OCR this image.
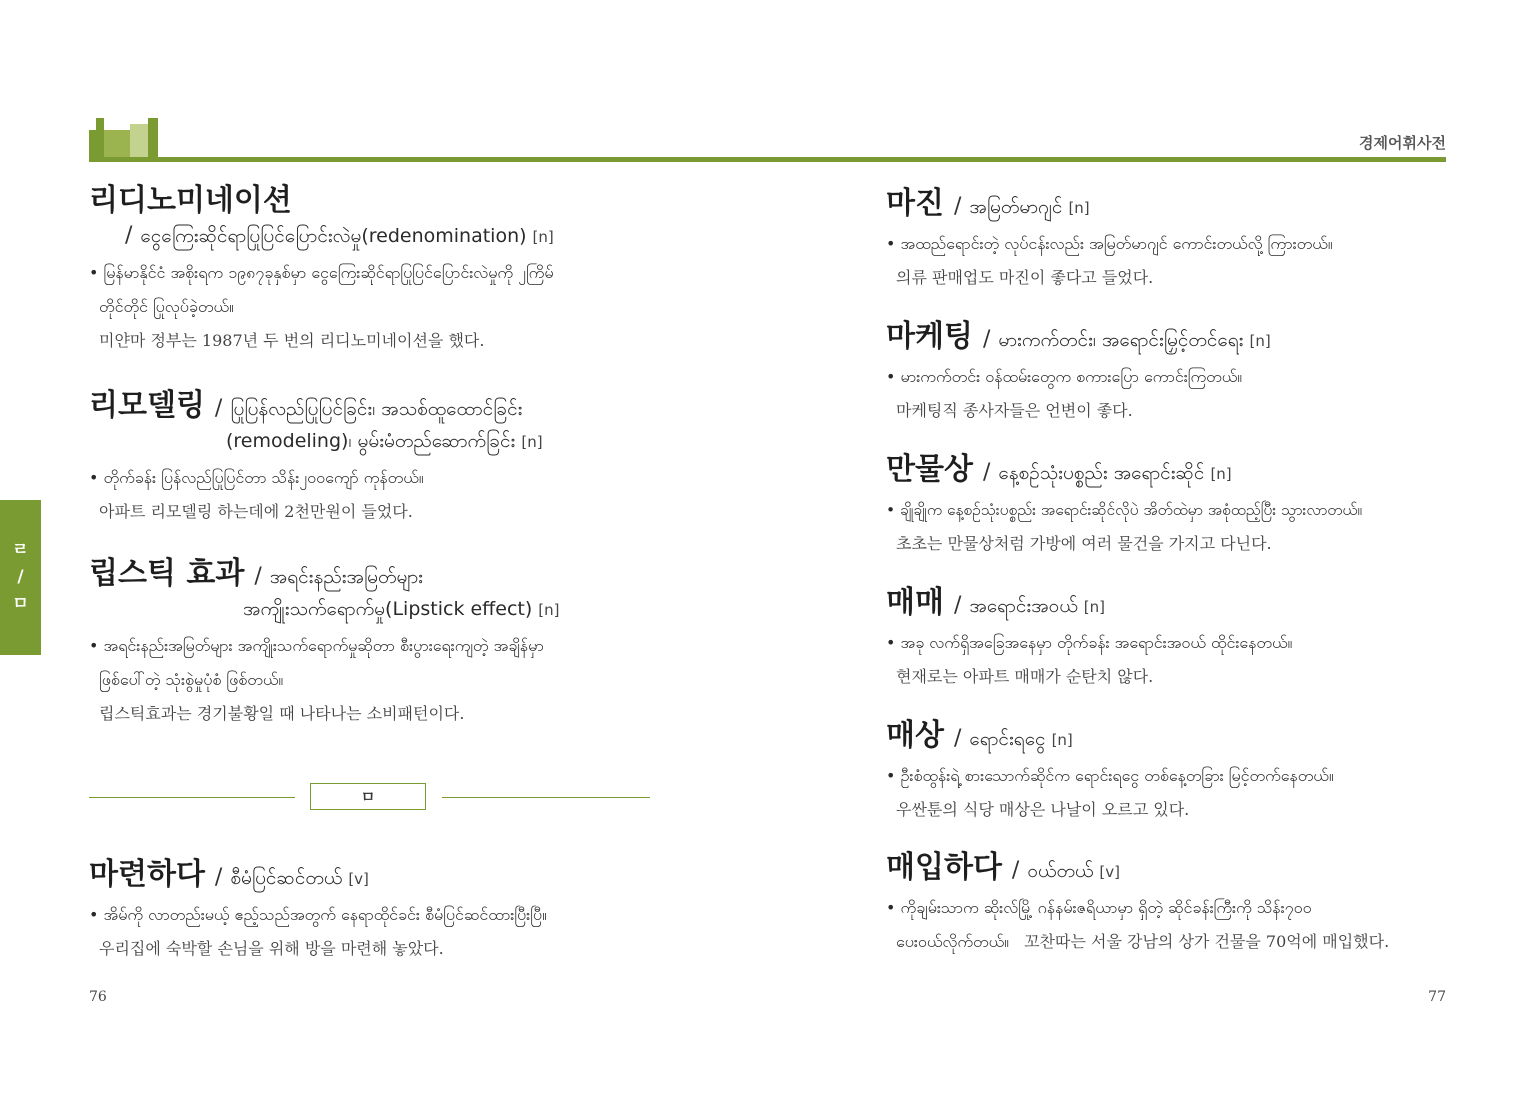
경제어휘사전
ㄹ
/
ㅁ
리디노미네이션
/ ငွေကြေးဆိုင်ရာပြုပြင်ပြောင်းလဲမှု(redenomination) [n]
• မြန်မာနိုင်ငံ အစိုးရက ၁၉၈၇ခုနှစ်မှာ ငွေကြေးဆိုင်ရာပြုပြင်ပြောင်းလဲမှုကို ၂ကြိမ်
တိုင်တိုင် ပြုလုပ်ခဲ့တယ်။
미얀마 정부는 1987년 두 번의 리디노미네이션을 했다.
리모델링 / ပြုပြန်လည်ပြုပြင်ခြင်း၊ အသစ်ထူထောင်ခြင်း
(remodeling)၊ မွမ်းမံတည်ဆောက်ခြင်း [n]
• တိုက်ခန်း ပြန်လည်ပြုပြင်တာ သိန်း၂၀၀ကျော် ကုန်တယ်။
아파트 리모델링 하는데에 2천만원이 들었다.
립스틱 효과 / အရင်းနည်းအမြတ်များ
အကျိုးသက်ရောက်မှု(Lipstick effect) [n]
• အရင်းနည်းအမြတ်များ အကျိုးသက်ရောက်မှုဆိုတာ စီးပွားရေးကျတဲ့ အချိန်မှာ
ဖြစ်ပေါ်တဲ့ သုံးစွဲမှုပုံစံ ဖြစ်တယ်။
립스틱효과는 경기불황일 때 나타나는 소비패턴이다.
ㅁ
마련하다 / စီမံပြင်ဆင်တယ် [v]
• အိမ်ကို လာတည်းမယ့် ဧည့်သည်အတွက် နေရာထိုင်ခင်း စီမံပြင်ဆင်ထားပြီးပြီ။
우리집에 숙박할 손님을 위해 방을 마련해 놓았다.
76
마진 / အမြတ်မာဂျင် [n]
• အထည်ရောင်းတဲ့ လုပ်ငန်းလည်း အမြတ်မာဂျင် ကောင်းတယ်လို့ ကြားတယ်။
의류 판매업도 마진이 좋다고 들었다.
마케팅 / မားကက်တင်း၊ အရောင်းမြှင့်တင်ရေး [n]
• မားကက်တင်း ဝန်ထမ်းတွေက စကားပြော ကောင်းကြတယ်။
마케팅직 종사자들은 언변이 좋다.
만물상 / နေ့စဉ်သုံးပစ္စည်း အရောင်းဆိုင် [n]
• ချိုချိုက နေ့စဉ်သုံးပစ္စည်း အရောင်းဆိုင်လိုပဲ အိတ်ထဲမှာ အစုံထည့်ပြီး သွားလာတယ်။
초초는 만물상처럼 가방에 여러 물건을 가지고 다닌다.
매매 / အရောင်းအဝယ် [n]
• အခု လက်ရှိအခြေအနေမှာ တိုက်ခန်း အရောင်းအဝယ် ထိုင်းနေတယ်။
현재로는 아파트 매매가 순탄치 않다.
매상 / ရောင်းရငွေ [n]
• ဦးစံထွန်းရဲ့ စားသောက်ဆိုင်က ရောင်းရငွေ တစ်နေ့တခြား မြင့်တက်နေတယ်။
우싼툰의 식당 매상은 나날이 오르고 있다.
매입하다 / ဝယ်တယ် [v]
• ကိုချမ်းသာက ဆိုးလ်မြို့ ဂန်နမ်းဇရိယာမှာ ရှိတဲ့ ဆိုင်ခန်းကြီးကို သိန်း၇၀၀
ပေးဝယ်လိုက်တယ်။ 꼬찬따는 서울 강남의 상가 건물을 70억에 매입했다.
77
